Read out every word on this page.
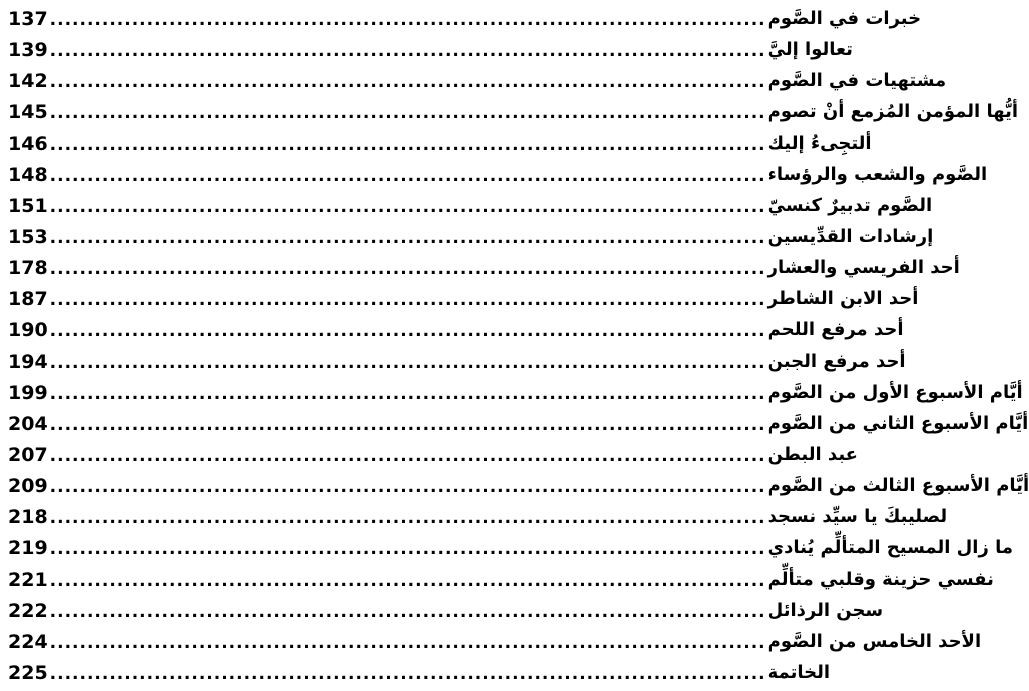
137 ................................................................................................ خبرات في الصَّوم
139 ................................................................................................ تعالوا إليَّ
142 ................................................................................................ مشتهيات في الصَّوم
145 ................................................................................................ أيُّها المؤمن المُزمع أنْ تصوم
146 ................................................................................................ ألتجِىءُ إليك
148 ................................................................................................ الصَّوم والشعب والرؤساء
151 ................................................................................................ الصَّوم تدبيرٌ كنسيّ
153 ................................................................................................ إرشادات القدِّيسين
178 ................................................................................................ أحد الفريسي والعشار
187 ................................................................................................ أحد الابن الشاطر
190 ................................................................................................ أحد مرفع اللحم
194 ................................................................................................ أحد مرفع الجبن
199 ................................................................................................ أيَّام الأسبوع الأول من الصَّوم
204 ................................................................................................ أيَّام الأسبوع الثاني من الصَّوم
207 ................................................................................................ عبد البطن
209 ................................................................................................ أيَّام الأسبوع الثالث من الصَّوم
218 ................................................................................................ لصليبكَ يا سيِّد نسجد
219 ................................................................................................ ما زال المسيح المتألِّم يُنادي
221 ................................................................................................ نفسي حزينة وقلبي متألِّم
222 ................................................................................................ سجن الرذائل
224 ................................................................................................ الأحد الخامس من الصَّوم
225 ................................................................................................ الخاتمة
